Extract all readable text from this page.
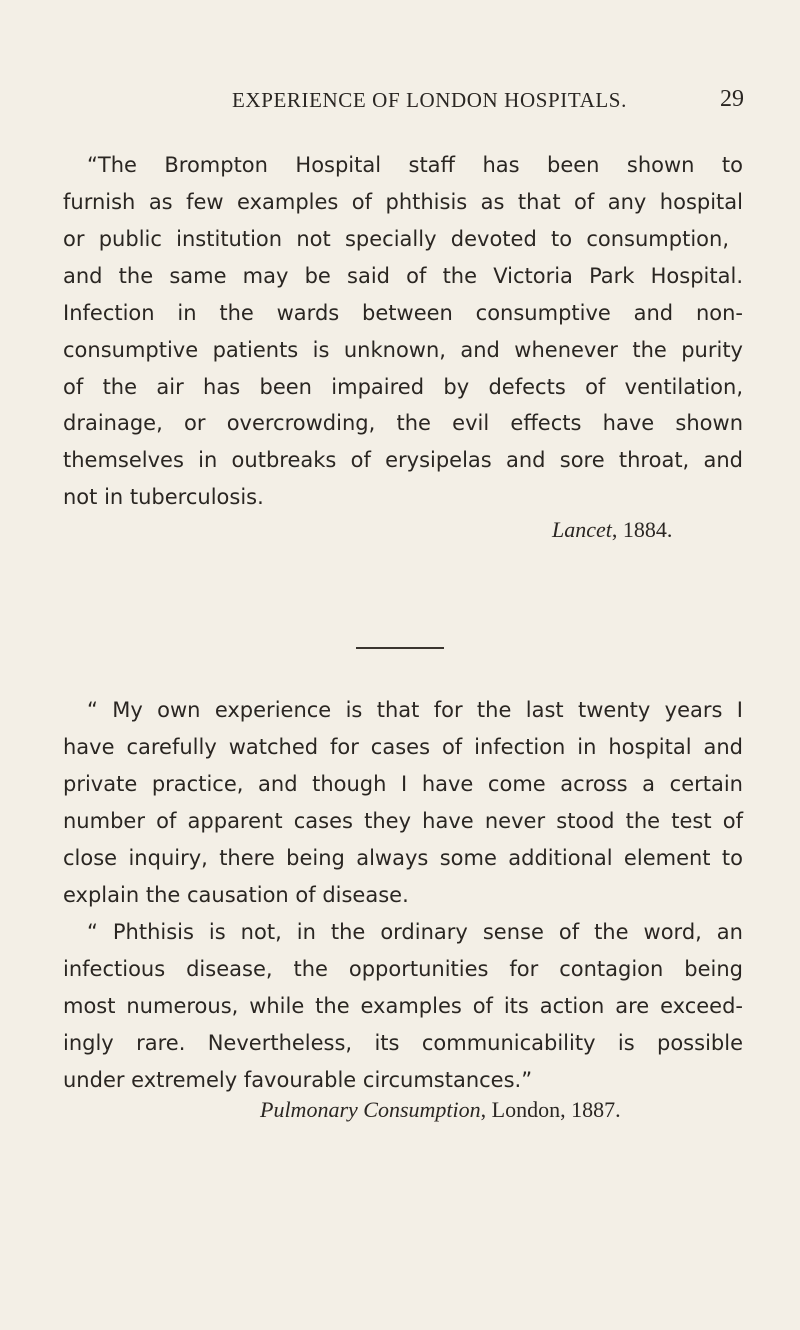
EXPERIENCE OF LONDON HOSPITALS.	29
“The Brompton Hospital staff has been shown to
furnish as few examples of phthisis as that of any hospital
or public institution not specially devoted to consumption,
and the same may be said of the Victoria Park Hospital.
Infection in the wards between consumptive and non-
consumptive patients is unknown, and whenever the purity
of the air has been impaired by defects of ventilation,
drainage, or overcrowding, the evil effects have shown
themselves in outbreaks of erysipelas and sore throat, and
not in tuberculosis.
Lancet, 1884.
“ My own experience is that for the last twenty years I
have carefully watched for cases of infection in hospital and
private practice, and though I have come across a certain
number of apparent cases they have never stood the test of
close inquiry, there being always some additional element to
explain the causation of disease.
“ Phthisis is not, in the ordinary sense of the word, an
infectious disease, the opportunities for contagion being
most numerous, while the examples of its action are exceed-
ingly rare. Nevertheless, its communicability is possible
under extremely favourable circumstances.”
Pulmonary Consumption, London, 1887.
